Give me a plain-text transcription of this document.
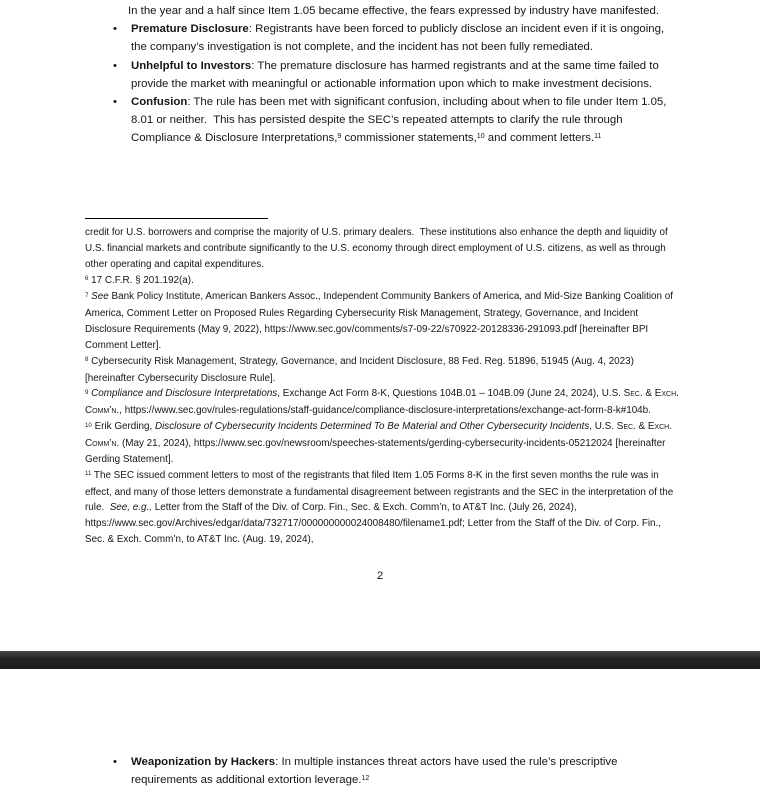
In the year and a half since Item 1.05 became effective, the fears expressed by industry have manifested.

•	Premature Disclosure: Registrants have been forced to publicly disclose an incident even if it is ongoing, the company’s investigation is not complete, and the incident has not been fully remediated.

•	Unhelpful to Investors: The premature disclosure has harmed registrants and at the same time failed to provide the market with meaningful or actionable information upon which to make investment decisions.

•	Confusion: The rule has been met with significant confusion, including about when to file under Item 1.05, 8.01 or neither.  This has persisted despite the SEC’s repeated attempts to clarify the rule through Compliance & Disclosure Interpretations,$^9$ commissioner statements,$^{10}$ and comment letters.$^{11}$

credit for U.S. borrowers and comprise the majority of U.S. primary dealers.  These institutions also enhance the depth and liquidity of U.S. financial markets and contribute significantly to the U.S. economy through direct employment of U.S. citizens, as well as through other operating and capital expenditures.

$^6$ 17 C.F.R. § 201.192(a).

$^7$ See Bank Policy Institute, American Bankers Assoc., Independent Community Bankers of America, and Mid-Size Banking Coalition of America, Comment Letter on Proposed Rules Regarding Cybersecurity Risk Management, Strategy, Governance, and Incident Disclosure Requirements (May 9, 2022), https://www.sec.gov/comments/s7-09-22/s70922-20128336-291093.pdf [hereinafter BPI Comment Letter].

$^8$ Cybersecurity Risk Management, Strategy, Governance, and Incident Disclosure, 88 Fed. Reg. 51896, 51945 (Aug. 4, 2023) [hereinafter Cybersecurity Disclosure Rule].

$^9$ Compliance and Disclosure Interpretations, Exchange Act Form 8-K, Questions 104B.01 – 104B.09 (June 24, 2024), U.S. Sec. & Exch. Comm’n., https://www.sec.gov/rules-regulations/staff-guidance/compliance-disclosure-interpretations/exchange-act-form-8-k#104b.

$^{10}$ Erik Gerding, Disclosure of Cybersecurity Incidents Determined To Be Material and Other Cybersecurity Incidents, U.S. Sec. & Exch. Comm’n. (May 21, 2024), https://www.sec.gov/newsroom/speeches-statements/gerding-cybersecurity-incidents-05212024 [hereinafter Gerding Statement].

$^{11}$ The SEC issued comment letters to most of the registrants that filed Item 1.05 Forms 8-K in the first seven months the rule was in effect, and many of those letters demonstrate a fundamental disagreement between registrants and the SEC in the interpretation of the rule.  See, e.g., Letter from the Staff of the Div. of Corp. Fin., Sec. & Exch. Comm’n, to AT&T Inc. (July 26, 2024), https://www.sec.gov/Archives/edgar/data/732717/000000000024008480/filename1.pdf; Letter from the Staff of the Div. of Corp. Fin., Sec. & Exch. Comm’n, to AT&T Inc. (Aug. 19, 2024),

2
•	Weaponization by Hackers: In multiple instances threat actors have used the rule’s prescriptive requirements as additional extortion leverage.$^{12}$
